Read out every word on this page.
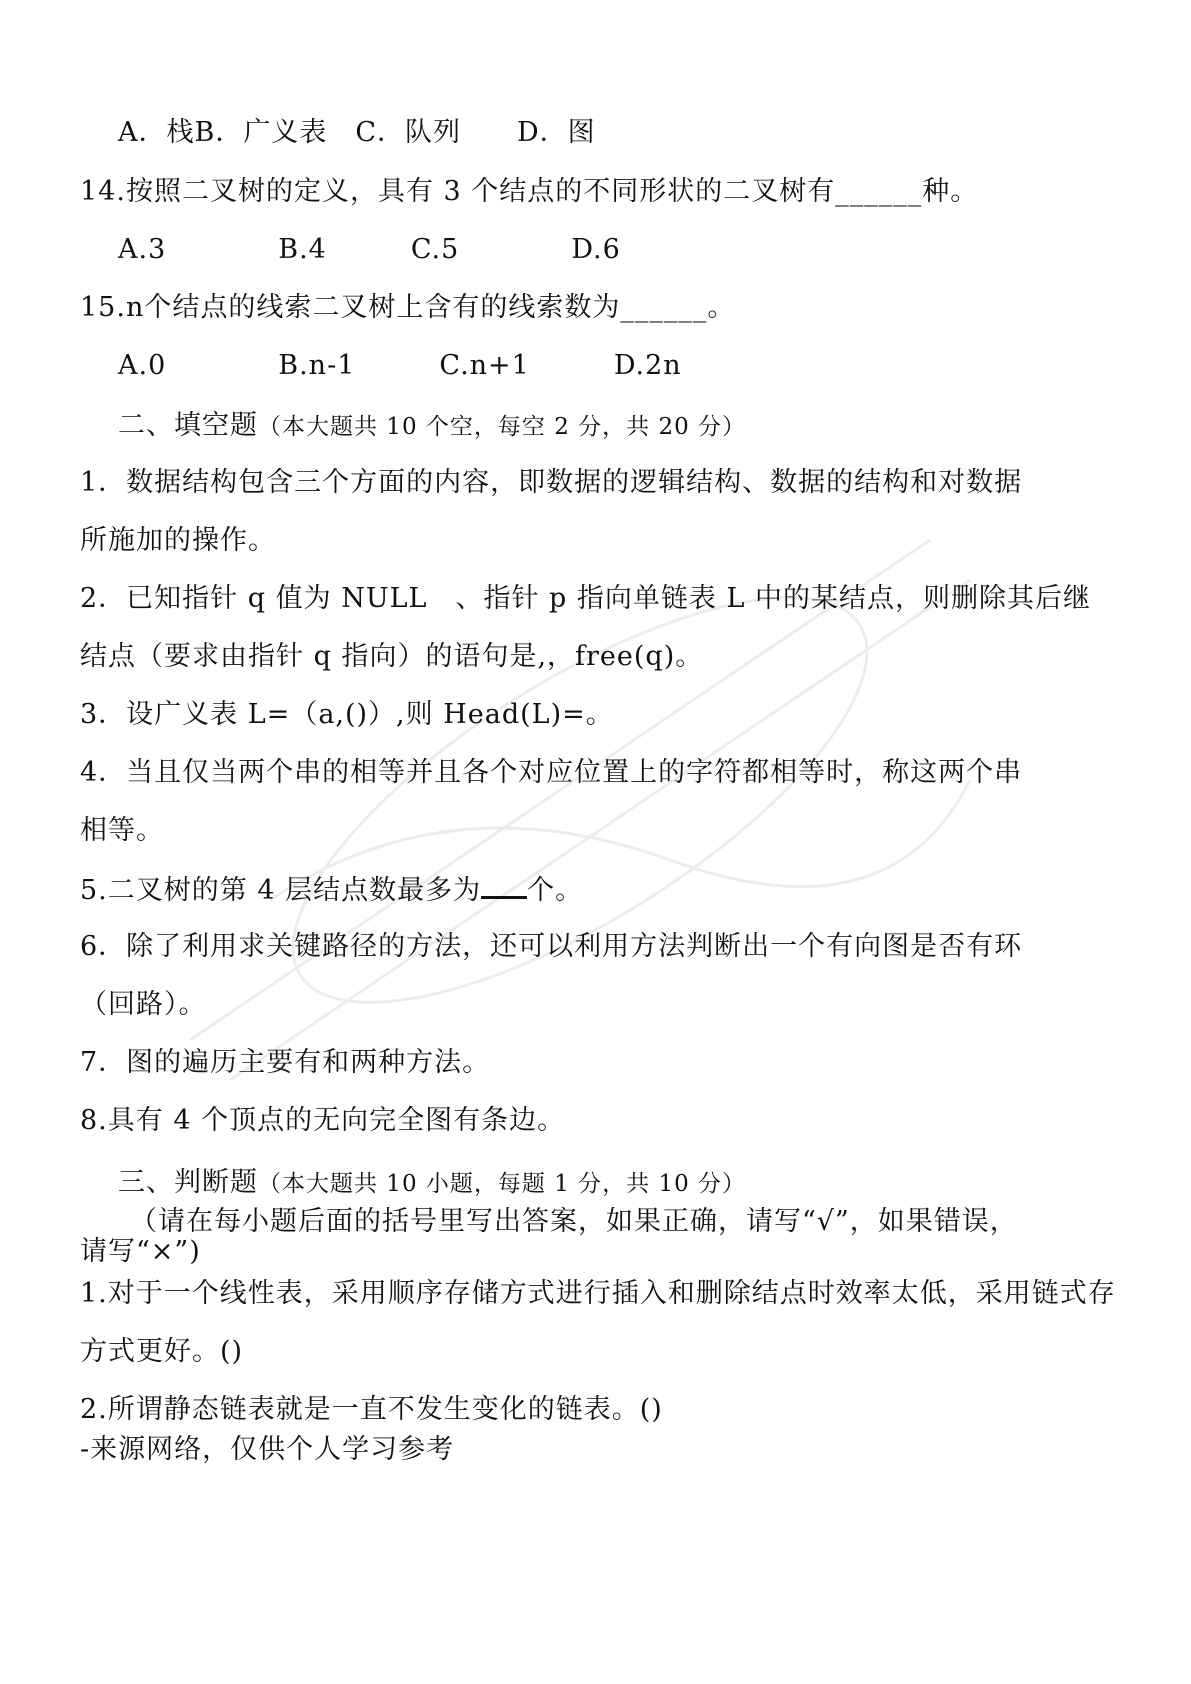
A．栈B．广义表　C．队列　　D．图
14.按照二叉树的定义，具有 3 个结点的不同形状的二叉树有______种。
A.3　　　　B.4　　　C.5　　　　D.6
15.n个结点的线索二叉树上含有的线索数为______。
A.0　　　　B.n-1　　　C.n+1　　　D.2n
二、填空题（本大题共 10 个空，每空 2 分，共 20 分）
1．数据结构包含三个方面的内容，即数据的逻辑结构、数据的结构和对数据
所施加的操作。
2．已知指针 q 值为 NULL　、指针 p 指向单链表 L 中的某结点，则删除其后继
结点（要求由指针 q 指向）的语句是,，free(q)。
3．设广义表 L=（a,()）,则 Head(L)=。
4．当且仅当两个串的相等并且各个对应位置上的字符都相等时，称这两个串
相等。
5.二叉树的第 4 层结点数最多为 个。
6．除了利用求关键路径的方法，还可以利用方法判断出一个有向图是否有环
（回路）。
7．图的遍历主要有和两种方法。
8.具有 4 个顶点的无向完全图有条边。
三、判断题（本大题共 10 小题，每题 1 分，共 10 分）
（请在每小题后面的括号里写出答案，如果正确，请写“√”，如果错误，
请写“×”)
1.对于一个线性表，采用顺序存储方式进行插入和删除结点时效率太低，采用链式存
方式更好。()
2.所谓静态链表就是一直不发生变化的链表。()
-来源网络，仅供个人学习参考
